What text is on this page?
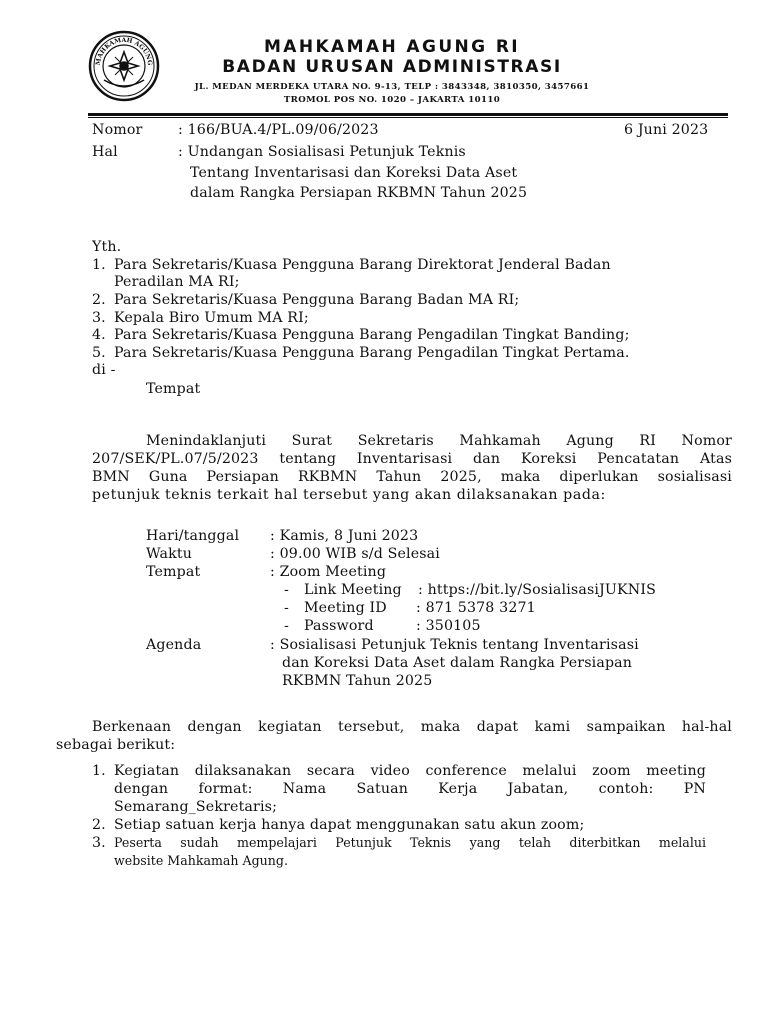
MAHKAMAH AGUNG
MAHKAMAH AGUNG RI
BADAN URUSAN ADMINISTRASI
JL. MEDAN MERDEKA UTARA NO. 9-13, TELP : 3843348, 3810350, 3457661
TROMOL POS NO. 1020 – JAKARTA 10110
Nomor	: 166/BUA.4/PL.09/06/2023	6 Juni 2023
Hal	: Undangan Sosialisasi Petunjuk Teknis
Tentang Inventarisasi dan Koreksi Data Aset
dalam Rangka Persiapan RKBMN Tahun 2025
Yth.
1. Para Sekretaris/Kuasa Pengguna Barang Direktorat Jenderal Badan
Peradilan MA RI;
2. Para Sekretaris/Kuasa Pengguna Barang Badan MA RI;
3. Kepala Biro Umum MA RI;
4. Para Sekretaris/Kuasa Pengguna Barang Pengadilan Tingkat Banding;
5. Para Sekretaris/Kuasa Pengguna Barang Pengadilan Tingkat Pertama.
di -
Tempat
Menindaklanjuti Surat Sekretaris Mahkamah Agung RI Nomor
207/SEK/PL.07/5/2023 tentang Inventarisasi dan Koreksi Pencatatan Atas
BMN Guna Persiapan RKBMN Tahun 2025, maka diperlukan sosialisasi
petunjuk teknis terkait hal tersebut yang akan dilaksanakan pada:
Hari/tanggal : Kamis, 8 Juni 2023
Waktu	: 09.00 WIB s/d Selesai
Tempat	: Zoom Meeting
- Link Meeting : https://bit.ly/SosialisasiJUKNIS
- Meeting ID : 871 5378 3271
- Password	: 350105
Agenda	: Sosialisasi Petunjuk Teknis tentang Inventarisasi
dan Koreksi Data Aset dalam Rangka Persiapan
RKBMN Tahun 2025
Berkenaan dengan kegiatan tersebut, maka dapat kami sampaikan hal-hal
sebagai berikut:
1. Kegiatan dilaksanakan secara video conference melalui zoom meeting
dengan format: Nama Satuan Kerja Jabatan, contoh: PN
Semarang_Sekretaris;
2. Setiap satuan kerja hanya dapat menggunakan satu akun zoom;
3. Peserta sudah mempelajari Petunjuk Teknis yang telah diterbitkan melalui
website Mahkamah Agung.
